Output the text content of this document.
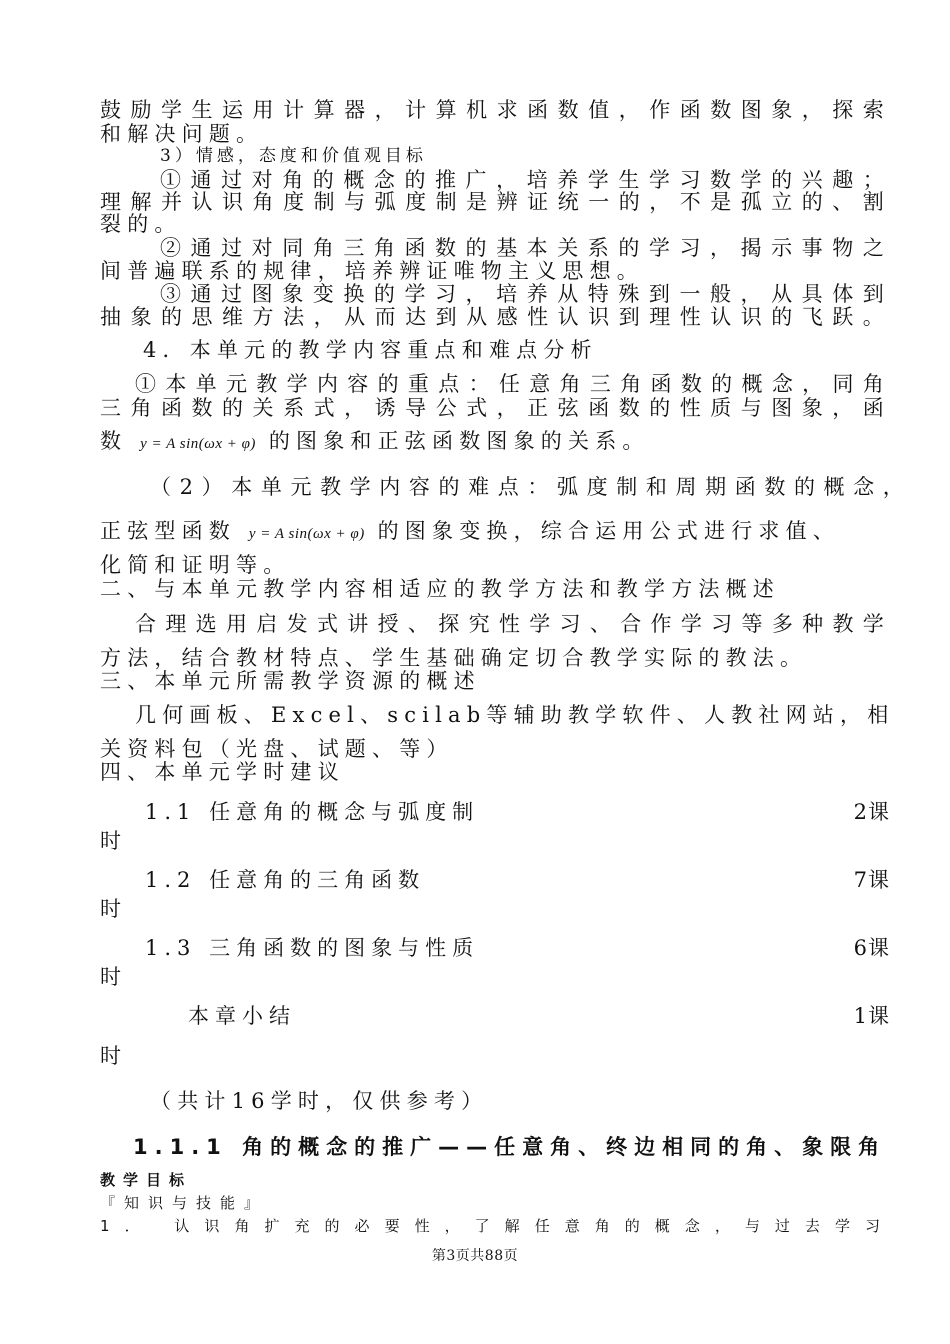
鼓励学生运用计算器，计算机求函数值，作函数图象，探索
和解决问题。
3）情感，态度和价值观目标
①通过对角的概念的推广，培养学生学习数学的兴趣；
理解并认识角度制与弧度制是辨证统一的，不是孤立的、割
裂的。
②通过对同角三角函数的基本关系的学习，揭示事物之
间普遍联系的规律，培养辨证唯物主义思想。
③通过图象变换的学习，培养从特殊到一般，从具体到
抽象的思维方法，从而达到从感性认识到理性认识的飞跃。
4．本单元的教学内容重点和难点分析
①本单元教学内容的重点：任意角三角函数的概念，同角
三角函数的关系式，诱导公式，正弦函数的性质与图象，函
数 y = A sin(ωx + φ) 的图象和正弦函数图象的关系。
（2）本单元教学内容的难点：弧度制和周期函数的概念，
正弦型函数 y = A sin(ωx + φ) 的图象变换，综合运用公式进行求值、
化简和证明等。
二、与本单元教学内容相适应的教学方法和教学方法概述
合理选用启发式讲授、探究性学习、合作学习等多种教学
方法，结合教材特点、学生基础确定切合教学实际的教法。
三、本单元所需教学资源的概述
几何画板、Excel、scilab等辅助教学软件、人教社网站，相
关资料包（光盘、试题、等）
四、本单元学时建议
1.1 任意角的概念与弧度制	2课
时
1.2 任意角的三角函数	7课
时
1.3 三角函数的图象与性质	6课
时
本章小结	1课
时
（共计16学时，仅供参考）
1.1.1 角的概念的推广——任意角、终边相同的角、象限角
教学目标
『知识与技能』
1． 认识角扩充的必要性，了解任意角的概念，与过去学习
第3页共88页
